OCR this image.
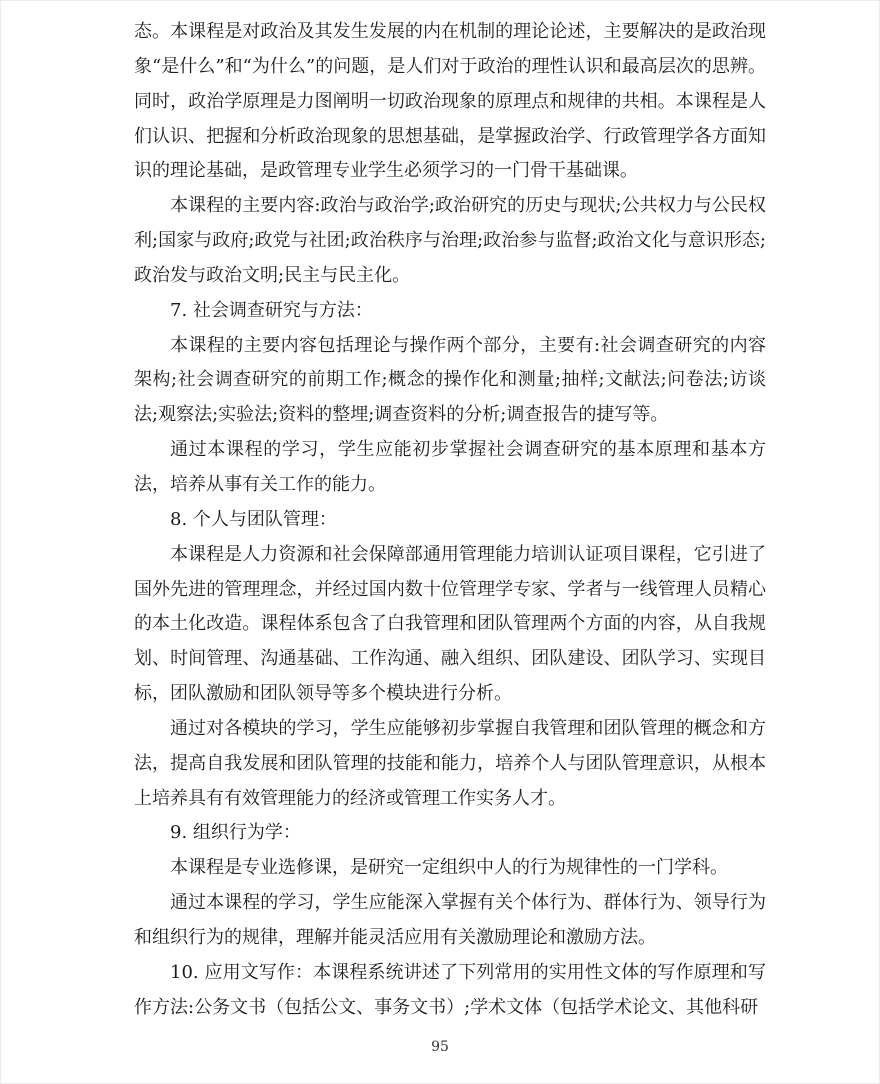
态。本课程是对政治及其发生发展的内在机制的理论论述，主要解决的是政治现象“是什么”和“为什么”的问题，是人们对于政治的理性认识和最高层次的思辨。同时，政治学原理是力图阐明一切政治现象的原理点和规律的共相。本课程是人们认识、把握和分析政治现象的思想基础，是掌握政治学、行政管理学各方面知识的理论基础，是政管理专业学生必须学习的一门骨干基础课。

本课程的主要内容:政治与政治学;政治研究的历史与现状;公共权力与公民权利;国家与政府;政党与社团;政治秩序与治理;政治参与监督;政治文化与意识形态;政治发与政治文明;民主与民主化。

7. 社会调查研究与方法：

本课程的主要内容包括理论与操作两个部分，主要有:社会调查研究的内容架构;社会调查研究的前期工作;概念的操作化和测量;抽样;文献法;问卷法;访谈法;观察法;实验法;资料的整埋;调查资料的分析;调查报告的捷写等。

通过本课程的学习，学生应能初步掌握社会调查研究的基本原理和基本方法，培养从事有关工作的能力。

8. 个人与团队管理：

本课程是人力资源和社会保障部通用管理能力培训认证项目课程，它引进了国外先进的管理理念，并经过国内数十位管理学专家、学者与一线管理人员精心的本土化改造。课程体系包含了白我管理和团队管理两个方面的内容，从自我规划、时间管理、沟通基础、工作沟通、融入组织、团队建设、团队学习、实现目标，团队激励和团队领导等多个模块进行分析。

通过对各模块的学习，学生应能够初步掌握自我管理和团队管理的概念和方法，提高自我发展和团队管理的技能和能力，培养个人与团队管理意识，从根本上培养具有有效管理能力的经济或管理工作实务人才。

9. 组织行为学：

本课程是专业选修课，是研究一定组织中人的行为规律性的一门学科。

通过本课程的学习，学生应能深入掌握有关个体行为、群体行为、领导行为和组织行为的规律，理解并能灵活应用有关激励理论和激励方法。

10. 应用文写作：本课程系统讲述了下列常用的实用性文体的写作原理和写作方法:公务文书（包括公文、事务文书）;学术文体（包括学术论文、其他科研

95
